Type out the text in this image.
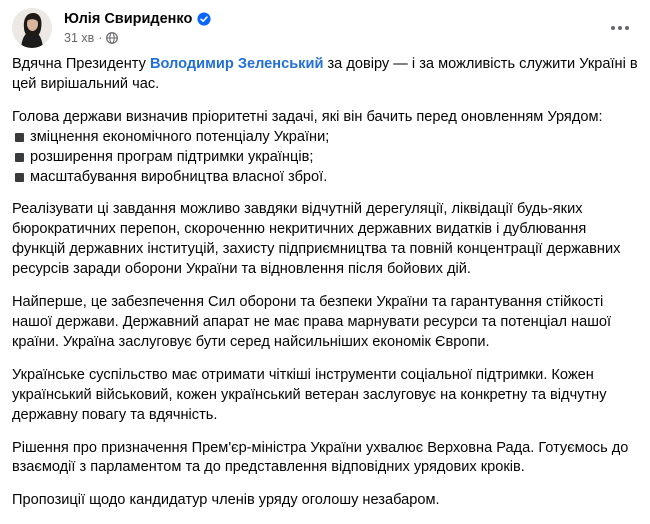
Юлія Свириденко
31 хв ·

Вдячна Президенту Володимир Зеленський за довіру — і за можливість служити Україні в цей вирішальний час.

Голова держави визначив пріоритетні задачі, які він бачить перед оновленням Урядом:
зміцнення економічного потенціалу України;
розширення програм підтримки українців;
масштабування виробництва власної зброї.

Реалізувати ці завдання можливо завдяки відчутній дерегуляції, ліквідації будь-яких бюрократичних перепон, скороченню некритичних державних видатків і дублювання функцій державних інституцій, захисту підприємництва та повній концентрації державних ресурсів заради оборони України та відновлення після бойових дій.

Найперше, це забезпечення Сил оборони та безпеки України та гарантування стійкості нашої держави. Державний апарат не має права марнувати ресурси та потенціал нашої країни. Україна заслуговує бути серед найсильніших економік Європи.

Українське суспільство має отримати чіткіші інструменти соціальної підтримки. Кожен український військовий, кожен український ветеран заслуговує на конкретну та відчутну державну повагу та вдячність.

Рішення про призначення Прем'єр-міністра України ухвалює Верховна Рада. Готуємось до взаємодії з парламентом та до представлення відповідних урядових кроків.

Пропозиції щодо кандидатур членів уряду оголошу незабаром.
